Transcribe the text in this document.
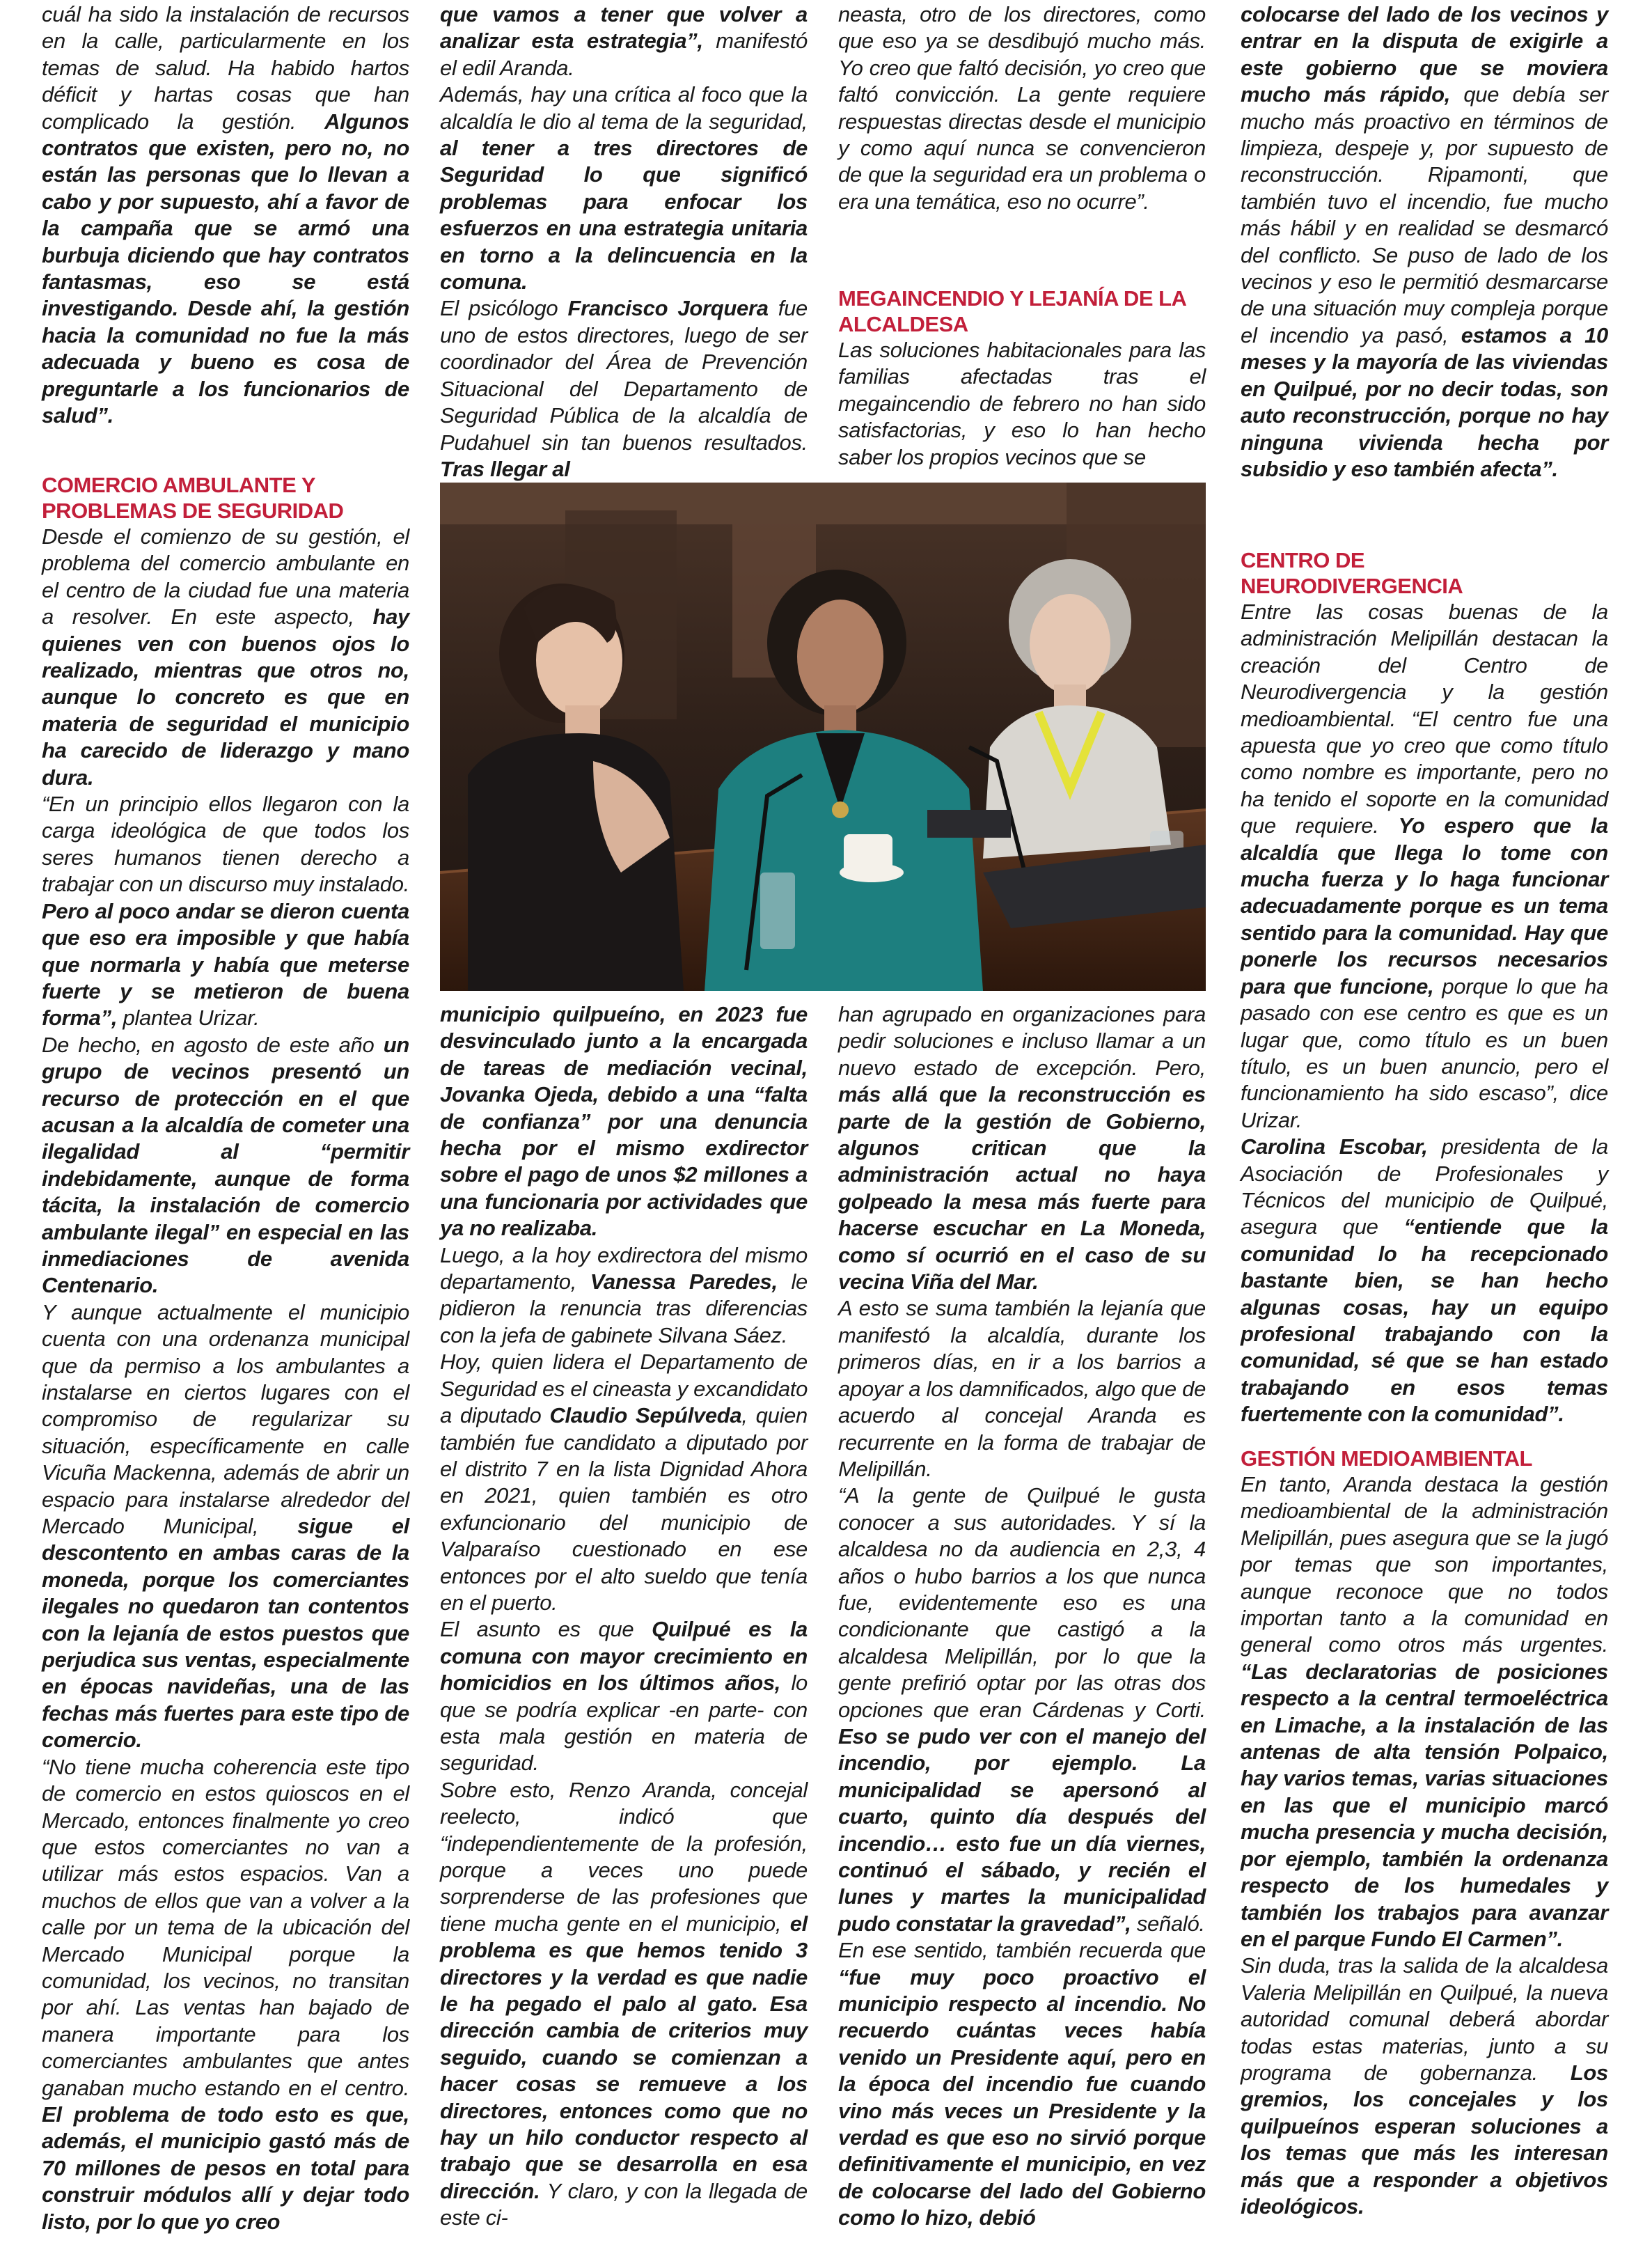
cuál ha sido la instalación de recursos en la calle, particularmente en los temas de salud. Ha habido hartos déficit y hartas cosas que han complicado la gestión. Algunos contratos que existen, pero no, no están las personas que lo llevan a cabo y por supuesto, ahí a favor de la campaña que se armó una burbuja diciendo que hay contratos fantasmas, eso se está investigando. Desde ahí, la gestión hacia la comunidad no fue la más adecuada y bueno es cosa de preguntarle a los funcionarios de salud”.

COMERCIO AMBULANTE Y PROBLEMAS DE SEGURIDAD

Desde el comienzo de su gestión, el problema del comercio ambulante en el centro de la ciudad fue una materia a resolver. En este aspecto, hay quienes ven con buenos ojos lo realizado, mientras que otros no, aunque lo concreto es que en materia de seguridad el municipio ha carecido de liderazgo y mano dura.

“En un principio ellos llegaron con la carga ideológica de que todos los seres humanos tienen derecho a trabajar con un discurso muy instalado. Pero al poco andar se dieron cuenta que eso era imposible y que había que normarla y había que meterse fuerte y se metieron de buena forma”, plantea Urizar.

De hecho, en agosto de este año un grupo de vecinos presentó un recurso de protección en el que acusan a la alcaldía de cometer una ilegalidad al “permitir indebidamente, aunque de forma tácita, la instalación de comercio ambulante ilegal” en especial en las inmediaciones de avenida Centenario.

Y aunque actualmente el municipio cuenta con una ordenanza municipal que da permiso a los ambulantes a instalarse en ciertos lugares con el compromiso de regularizar su situación, específicamente en calle Vicuña Mackenna, además de abrir un espacio para instalarse alrededor del Mercado Municipal, sigue el descontento en ambas caras de la moneda, porque los comerciantes ilegales no quedaron tan contentos con la lejanía de estos puestos que perjudica sus ventas, especialmente en épocas navideñas, una de las fechas más fuertes para este tipo de comercio.

“No tiene mucha coherencia este tipo de comercio en estos quioscos en el Mercado, entonces finalmente yo creo que estos comerciantes no van a utilizar más estos espacios. Van a muchos de ellos que van a volver a la calle por un tema de la ubicación del Mercado Municipal porque la comunidad, los vecinos, no transitan por ahí. Las ventas han bajado de manera importante para los comerciantes ambulantes que antes ganaban mucho estando en el centro. El problema de todo esto es que, además, el municipio gastó más de 70 millones de pesos en total para construir módulos allí y dejar todo listo, por lo que yo creo

que vamos a tener que volver a analizar esta estrategia”, manifestó el edil Aranda.

Además, hay una crítica al foco que la alcaldía le dio al tema de la seguridad, al tener a tres directores de Seguridad lo que significó problemas para enfocar los esfuerzos en una estrategia unitaria en torno a la delincuencia en la comuna.

El psicólogo Francisco Jorquera fue uno de estos directores, luego de ser coordinador del Área de Prevención Situacional del Departamento de Seguridad Pública de la alcaldía de Pudahuel sin tan buenos resultados. Tras llegar al

municipio quilpueíno, en 2023 fue desvinculado junto a la encargada de tareas de mediación vecinal, Jovanka Ojeda, debido a una “falta de confianza” por una denuncia hecha por el mismo exdirector sobre el pago de unos $2 millones a una funcionaria por actividades que ya no realizaba.

Luego, a la hoy exdirectora del mismo departamento, Vanessa Paredes, le pidieron la renuncia tras diferencias con la jefa de gabinete Silvana Sáez.

Hoy, quien lidera el Departamento de Seguridad es el cineasta y excandidato a diputado Claudio Sepúlveda, quien también fue candidato a diputado por el distrito 7 en la lista Dignidad Ahora en 2021, quien también es otro exfuncionario del municipio de Valparaíso cuestionado en ese entonces por el alto sueldo que tenía en el puerto.

El asunto es que Quilpué es la comuna con mayor crecimiento en homicidios en los últimos años, lo que se podría explicar -en parte- con esta mala gestión en materia de seguridad.

Sobre esto, Renzo Aranda, concejal reelecto, indicó que “independientemente de la profesión, porque a veces uno puede sorprenderse de las profesiones que tiene mucha gente en el municipio, el problema es que hemos tenido 3 directores y la verdad es que nadie le ha pegado el palo al gato. Esa dirección cambia de criterios muy seguido, cuando se comienzan a hacer cosas se remueve a los directores, entonces como que no hay un hilo conductor respecto al trabajo que se desarrolla en esa dirección. Y claro, y con la llegada de este ci-

neasta, otro de los directores, como que eso ya se desdibujó mucho más. Yo creo que faltó decisión, yo creo que faltó convicción. La gente requiere respuestas directas desde el municipio y como aquí nunca se convencieron de que la seguridad era un problema o era una temática, eso no ocurre”.

MEGAINCENDIO Y LEJANÍA DE LA ALCALDESA

Las soluciones habitacionales para las familias afectadas tras el megaincendio de febrero no han sido satisfactorias, y eso lo han hecho saber los propios vecinos que se

han agrupado en organizaciones para pedir soluciones e incluso llamar a un nuevo estado de excepción. Pero, más allá que la reconstrucción es parte de la gestión de Gobierno, algunos critican que la administración actual no haya golpeado la mesa más fuerte para hacerse escuchar en La Moneda, como sí ocurrió en el caso de su vecina Viña del Mar.

A esto se suma también la lejanía que manifestó la alcaldía, durante los primeros días, en ir a los barrios a apoyar a los damnificados, algo que de acuerdo al concejal Aranda es recurrente en la forma de trabajar de Melipillán.

“A la gente de Quilpué le gusta conocer a sus autoridades. Y sí la alcaldesa no da audiencia en 2,3, 4 años o hubo barrios a los que nunca fue, evidentemente eso es una condicionante que castigó a la alcaldesa Melipillán, por lo que la gente prefirió optar por las otras dos opciones que eran Cárdenas y Corti. Eso se pudo ver con el manejo del incendio, por ejemplo. La municipalidad se apersonó al cuarto, quinto día después del incendio… esto fue un día viernes, continuó el sábado, y recién el lunes y martes la municipalidad pudo constatar la gravedad”, señaló.

En ese sentido, también recuerda que “fue muy poco proactivo el municipio respecto al incendio. No recuerdo cuántas veces había venido un Presidente aquí, pero en la época del incendio fue cuando vino más veces un Presidente y la verdad es que eso no sirvió porque definitivamente el municipio, en vez de colocarse del lado del Gobierno como lo hizo, debió

colocarse del lado de los vecinos y entrar en la disputa de exigirle a este gobierno que se moviera mucho más rápido, que debía ser mucho más proactivo en términos de limpieza, despeje y, por supuesto de reconstrucción. Ripamonti, que también tuvo el incendio, fue mucho más hábil y en realidad se desmarcó del conflicto. Se puso de lado de los vecinos y eso le permitió desmarcarse de una situación muy compleja porque el incendio ya pasó, estamos a 10 meses y la mayoría de las viviendas en Quilpué, por no decir todas, son auto reconstrucción, porque no hay ninguna vivienda hecha por subsidio y eso también afecta”.

CENTRO DE NEURODIVERGENCIA

Entre las cosas buenas de la administración Melipillán destacan la creación del Centro de Neurodivergencia y la gestión medioambiental. “El centro fue una apuesta que yo creo que como título como nombre es importante, pero no ha tenido el soporte en la comunidad que requiere. Yo espero que la alcaldía que llega lo tome con mucha fuerza y lo haga funcionar adecuadamente porque es un tema sentido para la comunidad. Hay que ponerle los recursos necesarios para que funcione, porque lo que ha pasado con ese centro es que es un lugar que, como título es un buen título, es un buen anuncio, pero el funcionamiento ha sido escaso”, dice Urizar.

Carolina Escobar, presidenta de la Asociación de Profesionales y Técnicos del municipio de Quilpué, asegura que “entiende que la comunidad lo ha recepcionado bastante bien, se han hecho algunas cosas, hay un equipo profesional trabajando con la comunidad, sé que se han estado trabajando en esos temas fuertemente con la comunidad”.

GESTIÓN MEDIOAMBIENTAL

En tanto, Aranda destaca la gestión medioambiental de la administración Melipillán, pues asegura que se la jugó por temas que son importantes, aunque reconoce que no todos importan tanto a la comunidad en general como otros más urgentes. “Las declaratorias de posiciones respecto a la central termoeléctrica en Limache, a la instalación de las antenas de alta tensión Polpaico, hay varios temas, varias situaciones en las que el municipio marcó mucha presencia y mucha decisión, por ejemplo, también la ordenanza respecto de los humedales y también los trabajos para avanzar en el parque Fundo El Carmen”.

Sin duda, tras la salida de la alcaldesa Valeria Melipillán en Quilpué, la nueva autoridad comunal deberá abordar todas estas materias, junto a su programa de gobernanza. Los gremios, los concejales y los quilpueínos esperan soluciones a los temas que más les interesan más que a responder a objetivos ideológicos.
